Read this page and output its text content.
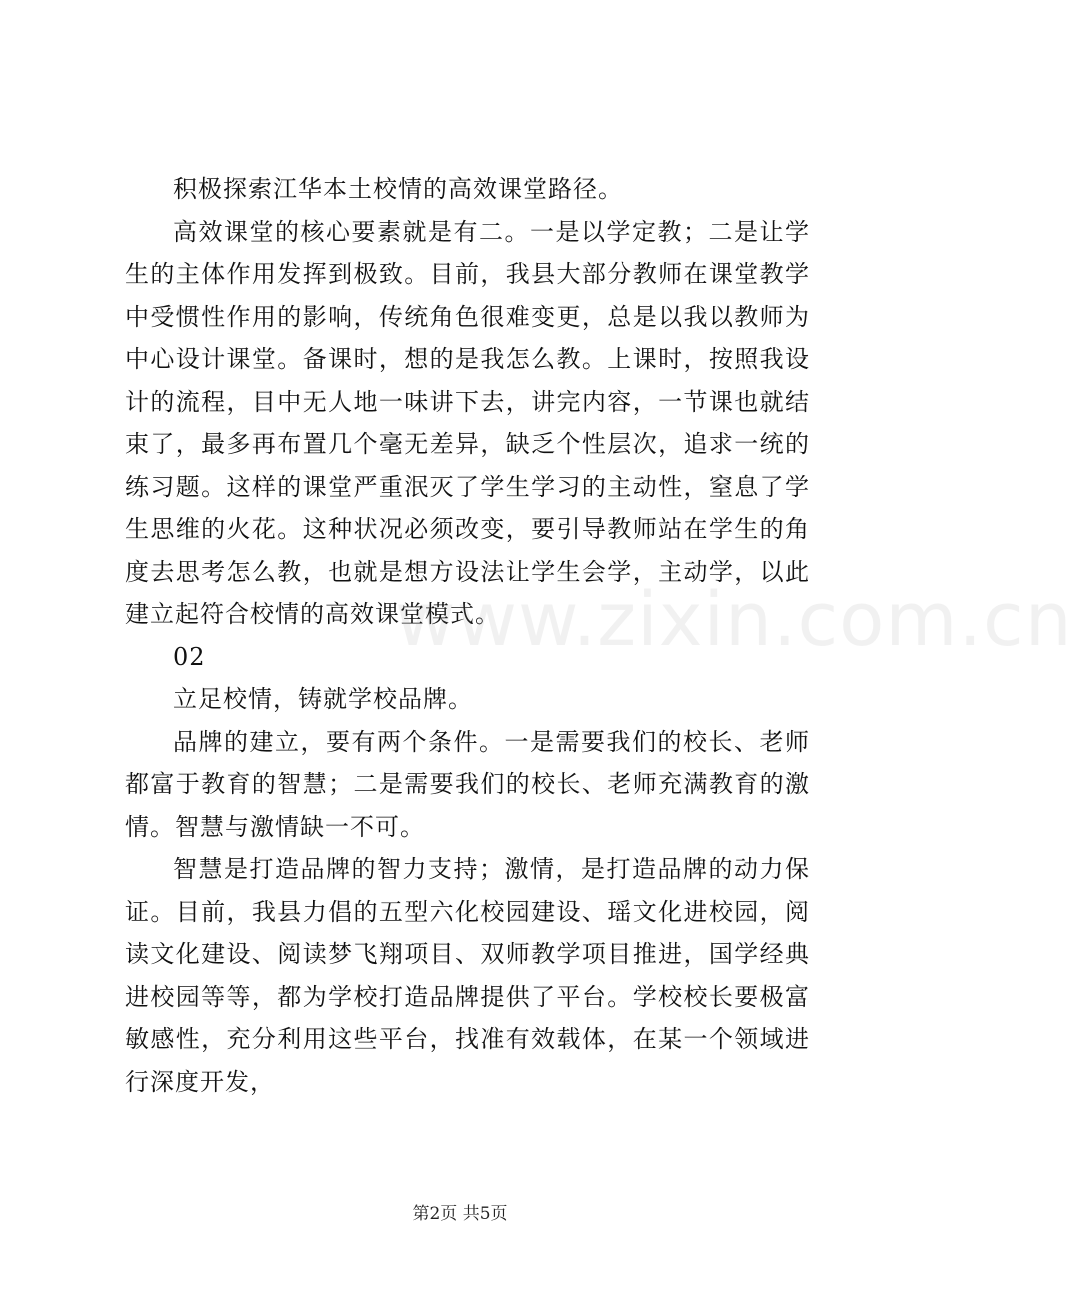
积极探索江华本土校情的高效课堂路径。

高效课堂的核心要素就是有二。一是以学定教；二是让学生的主体作用发挥到极致。目前，我县大部分教师在课堂教学中受惯性作用的影响，传统角色很难变更，总是以我以教师为中心设计课堂。备课时，想的是我怎么教。上课时，按照我设计的流程，目中无人地一味讲下去，讲完内容，一节课也就结束了，最多再布置几个毫无差异，缺乏个性层次，追求一统的练习题。这样的课堂严重泯灭了学生学习的主动性，窒息了学生思维的火花。这种状况必须改变，要引导教师站在学生的角度去思考怎么教，也就是想方设法让学生会学，主动学，以此建立起符合校情的高效课堂模式。

02

立足校情，铸就学校品牌。

品牌的建立，要有两个条件。一是需要我们的校长、老师都富于教育的智慧；二是需要我们的校长、老师充满教育的激情。智慧与激情缺一不可。

智慧是打造品牌的智力支持；激情，是打造品牌的动力保证。目前，我县力倡的五型六化校园建设、瑶文化进校园，阅读文化建设、阅读梦飞翔项目、双师教学项目推进，国学经典进校园等等，都为学校打造品牌提供了平台。学校校长要极富敏感性，充分利用这些平台，找准有效载体，在某一个领域进行深度开发，

www.zixin.com.cn
第2页 共5页
